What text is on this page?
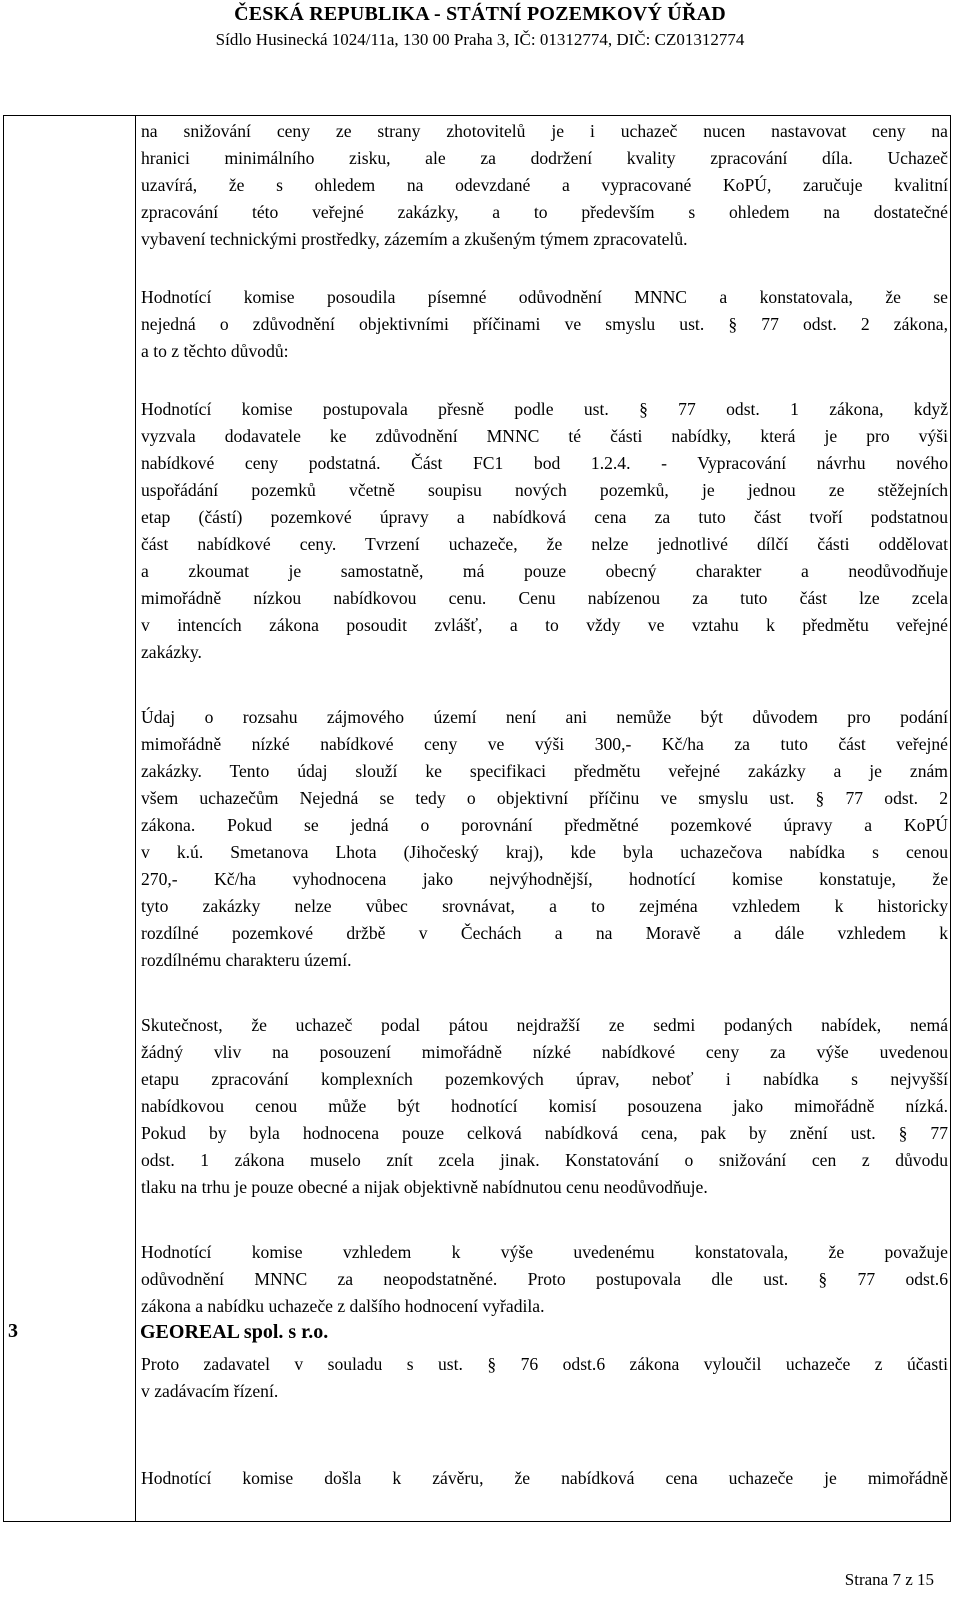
ČESKÁ REPUBLIKA - STÁTNÍ POZEMKOVÝ ÚŘAD
Sídlo Husinecká 1024/11a, 130 00 Praha 3, IČ: 01312774, DIČ: CZ01312774
na snižování ceny ze strany zhotovitelů je i uchazeč nucen nastavovat ceny na
hranici minimálního zisku, ale za dodržení kvality zpracování díla. Uchazeč
uzavírá, že s ohledem na odevzdané a vypracované KoPÚ, zaručuje kvalitní
zpracování této veřejné zakázky, a to především s ohledem na dostatečné
vybavení technickými prostředky, zázemím a zkušeným týmem zpracovatelů.
Hodnotící komise posoudila písemné odůvodnění MNNC a konstatovala, že se
nejedná o zdůvodnění objektivními příčinami ve smyslu ust. § 77 odst. 2 zákona,
a to z těchto důvodů:
Hodnotící komise postupovala přesně podle ust. § 77 odst. 1 zákona, když
vyzvala dodavatele ke zdůvodnění MNNC té části nabídky, která je pro výši
nabídkové ceny podstatná. Část FC1 bod 1.2.4. - Vypracování návrhu nového
uspořádání pozemků včetně soupisu nových pozemků, je jednou ze stěžejních
etap (částí) pozemkové úpravy a nabídková cena za tuto část tvoří podstatnou
část nabídkové ceny. Tvrzení uchazeče, že nelze jednotlivé dílčí části oddělovat
a zkoumat je samostatně, má pouze obecný charakter a neodůvodňuje
mimořádně nízkou nabídkovou cenu. Cenu nabízenou za tuto část lze zcela
v intencích zákona posoudit zvlášť, a to vždy ve vztahu k předmětu veřejné
zakázky.
Údaj o rozsahu zájmového území není ani nemůže být důvodem pro podání
mimořádně nízké nabídkové ceny ve výši 300,- Kč/ha za tuto část veřejné
zakázky. Tento údaj slouží ke specifikaci předmětu veřejné zakázky a je znám
všem uchazečům Nejedná se tedy o objektivní příčinu ve smyslu ust. § 77 odst. 2
zákona. Pokud se jedná o porovnání předmětné pozemkové úpravy a KoPÚ
v k.ú. Smetanova Lhota (Jihočeský kraj), kde byla uchazečova nabídka s cenou
270,- Kč/ha vyhodnocena jako nejvýhodnější, hodnotící komise konstatuje, že
tyto zakázky nelze vůbec srovnávat, a to zejména vzhledem k historicky
rozdílné pozemkové držbě v Čechách a na Moravě a dále vzhledem k
rozdílnému charakteru území.
Skutečnost, že uchazeč podal pátou nejdražší ze sedmi podaných nabídek, nemá
žádný vliv na posouzení mimořádně nízké nabídkové ceny za výše uvedenou
etapu zpracování komplexních pozemkových úprav, neboť i nabídka s nejvyšší
nabídkovou cenou může být hodnotící komisí posouzena jako mimořádně nízká.
Pokud by byla hodnocena pouze celková nabídková cena, pak by znění ust. § 77
odst. 1 zákona muselo znít zcela jinak. Konstatování o snižování cen z důvodu
tlaku na trhu je pouze obecné a nijak objektivně nabídnutou cenu neodůvodňuje.
Hodnotící komise vzhledem k výše uvedenému konstatovala, že považuje
odůvodnění MNNC za neopodstatněné. Proto postupovala dle ust. § 77 odst.6
zákona a nabídku uchazeče z dalšího hodnocení vyřadila.
Proto zadavatel v souladu s ust. § 76 odst.6 zákona vyloučil uchazeče z účasti
v zadávacím řízení.
3	GEOREAL spol. s r.o.
Hodnotící komise došla k závěru, že nabídková cena uchazeče je mimořádně
Strana 7 z 15
